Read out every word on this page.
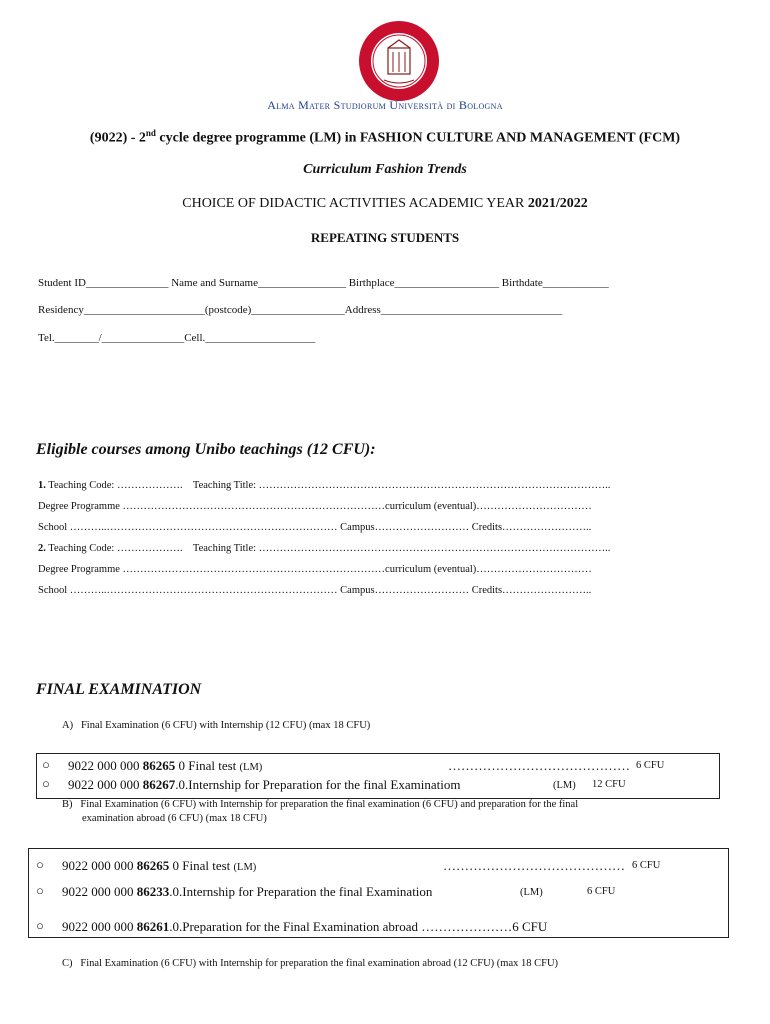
Alma Mater Studiorum Università di Bologna
(9022) - 2nd cycle degree programme (LM) in FASHION CULTURE AND MANAGEMENT (FCM)
Curriculum Fashion Trends
CHOICE OF DIDACTIC ACTIVITIES ACADEMIC YEAR 2021/2022
REPEATING STUDENTS
Student ID_______________ Name and Surname________________ Birthplace___________________ Birthdate____________
Residency______________________(postcode)_________________Address_________________________________
Tel.________/_______________Cell.____________________
Eligible courses among Unibo teachings (12 CFU):
1. Teaching Code: ……………….    Teaching Title: ………………………………………………………………………………………..
Degree Programme …………………………………………………………………curriculum (eventual)……………………………
School ………..………………………………………………………… Campus……………………… Credits……………………..
2. Teaching Code: ……………….    Teaching Title: ………………………………………………………………………………………..
Degree Programme …………………………………………………………………curriculum (eventual)……………………………
School ………..………………………………………………………… Campus……………………… Credits……………………..
FINAL EXAMINATION
A)   Final Examination (6 CFU) with Internship (12 CFU) (max 18 CFU)
○ 9022 000 000 86265 0 Final test (LM)	…………………………………… 6 CFU
○ 9022 000 000 86267.0.Internship for Preparation for the final Examinatiom	(LM) 12 CFU
B)   Final Examination (6 CFU) with Internship for preparation the final examination (6 CFU) and preparation for the final
examination abroad (6 CFU) (max 18 CFU)
○ 9022 000 000 86265 0 Final test (LM)	…………………………………… 6 CFU
○ 9022 000 000 86233.0.Internship for Preparation the final Examination	(LM)	6 CFU
○ 9022 000 000 86261.0.Preparation for the Final Examination abroad …………………6 CFU
C)   Final Examination (6 CFU) with Internship for preparation the final examination abroad (12 CFU) (max 18 CFU)
